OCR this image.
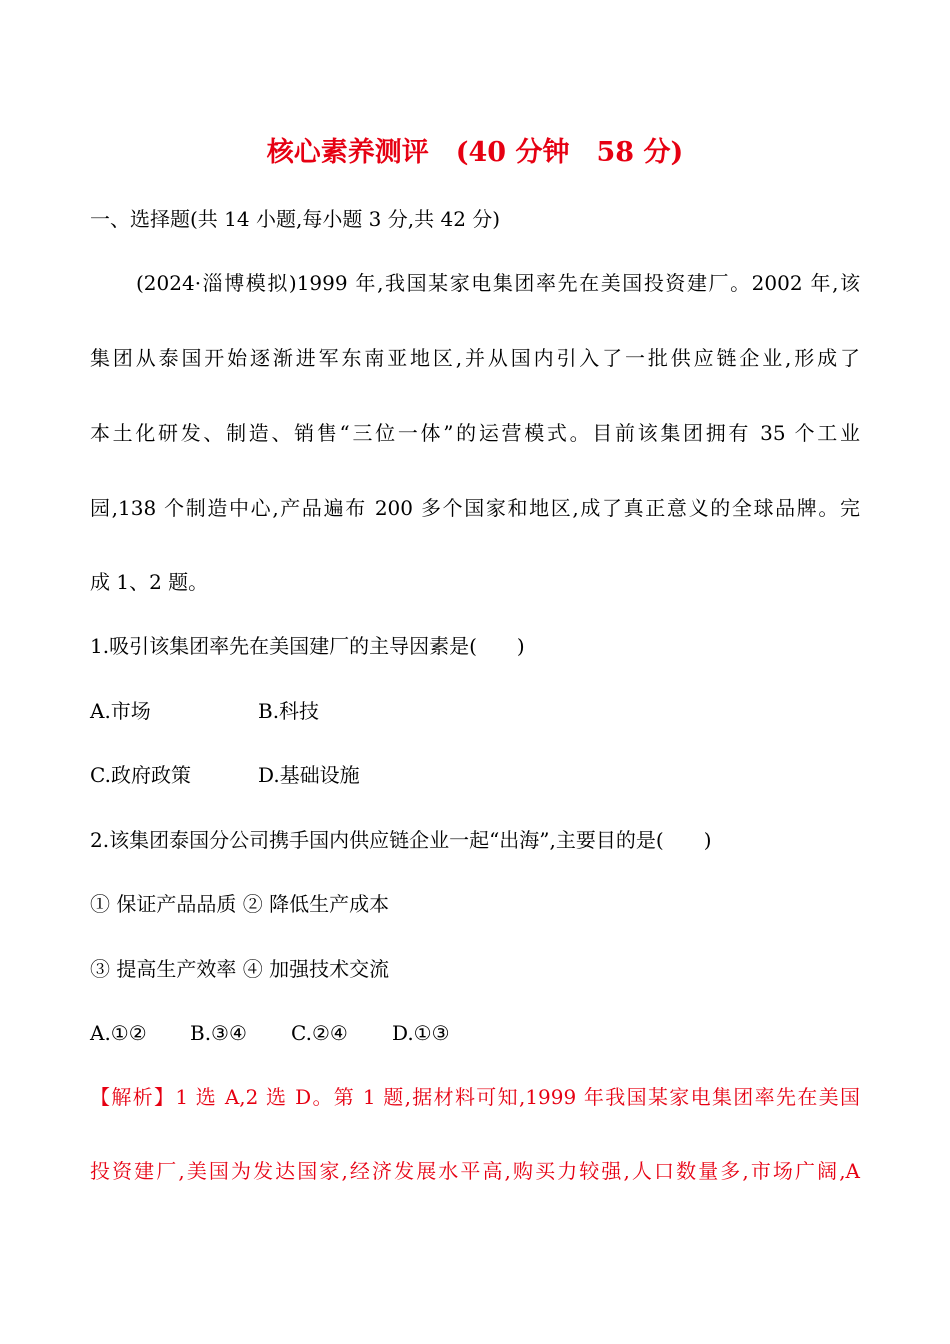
核心素养测评　(40 分钟　58 分)
一、选择题(共 14 小题,每小题 3 分,共 42 分)
(2024·淄博模拟)1999 年,我国某家电集团率先在美国投资建厂。2002 年,该
集团从泰国开始逐渐进军东南亚地区,并从国内引入了一批供应链企业,形成了
本土化研发、制造、销售“三位一体”的运营模式。目前该集团拥有 35 个工业
园,138 个制造中心,产品遍布 200 多个国家和地区,成了真正意义的全球品牌。完
成 1、2 题。
1.吸引该集团率先在美国建厂的主导因素是(　　)
A.市场	B.科技
C.政府政策	D.基础设施
2.该集团泰国分公司携手国内供应链企业一起“出海”,主要目的是(　　)
① 保证产品品质 ② 降低生产成本
③ 提高生产效率 ④ 加强技术交流
A.①② B.③④ C.②④ D.①③
【解析】1 选 A,2 选 D。第 1 题,据材料可知,1999 年我国某家电集团率先在美国
投资建厂,美国为发达国家,经济发展水平高,购买力较强,人口数量多,市场广阔,A
